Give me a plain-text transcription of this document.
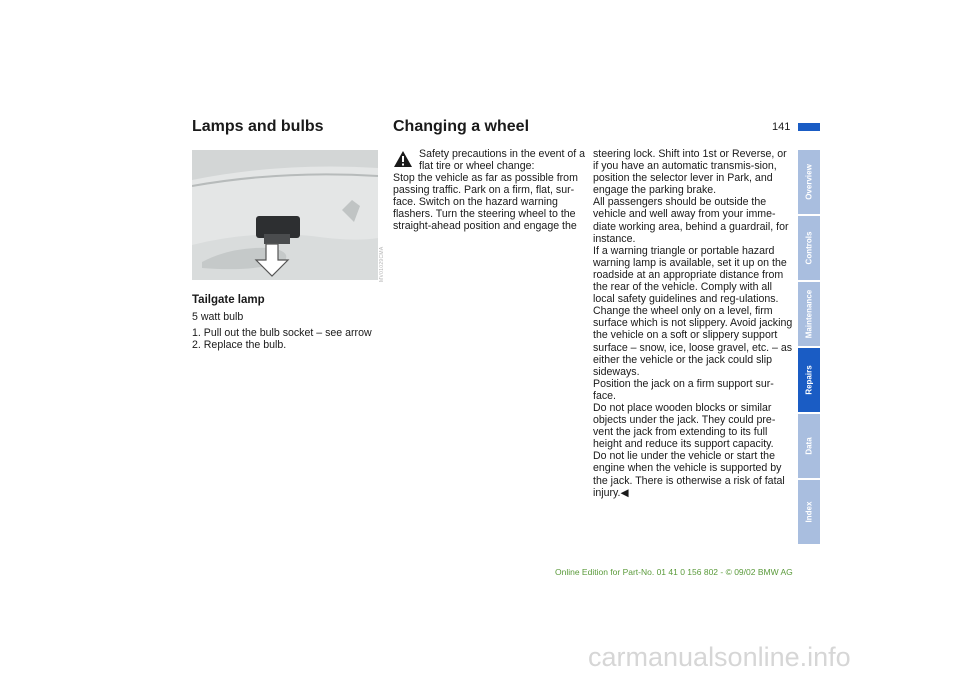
Lamps and bulbs	Changing a wheel	141
MV01029CMA
Tailgate lamp
5 watt bulb
1. Pull out the bulb socket – see arrow
2. Replace the bulb.
Safety precautions in the event of a flat tire or wheel change:
Stop the vehicle as far as possible from passing traffic. Park on a firm, flat, sur-face. Switch on the hazard warning flashers. Turn the steering wheel to the straight-ahead position and engage the
steering lock. Shift into 1st or Reverse, or if you have an automatic transmis-sion, position the selector lever in Park, and engage the parking brake.
All passengers should be outside the vehicle and well away from your imme-diate working area, behind a guardrail, for instance.
If a warning triangle or portable hazard warning lamp is available, set it up on the roadside at an appropriate distance from the rear of the vehicle. Comply with all local safety guidelines and reg-ulations.
Change the wheel only on a level, firm surface which is not slippery. Avoid jacking the vehicle on a soft or slippery support surface – snow, ice, loose gravel, etc. – as either the vehicle or the jack could slip sideways.
Position the jack on a firm support sur-face.
Do not place wooden blocks or similar objects under the jack. They could pre-vent the jack from extending to its full height and reduce its support capacity.
Do not lie under the vehicle or start the engine when the vehicle is supported by the jack. There is otherwise a risk of fatal injury.◀
Overview
Controls
Maintenance
Repairs
Data
Index
Online Edition for Part-No. 01 41 0 156 802 - © 09/02 BMW AG
carmanualsonline.info
